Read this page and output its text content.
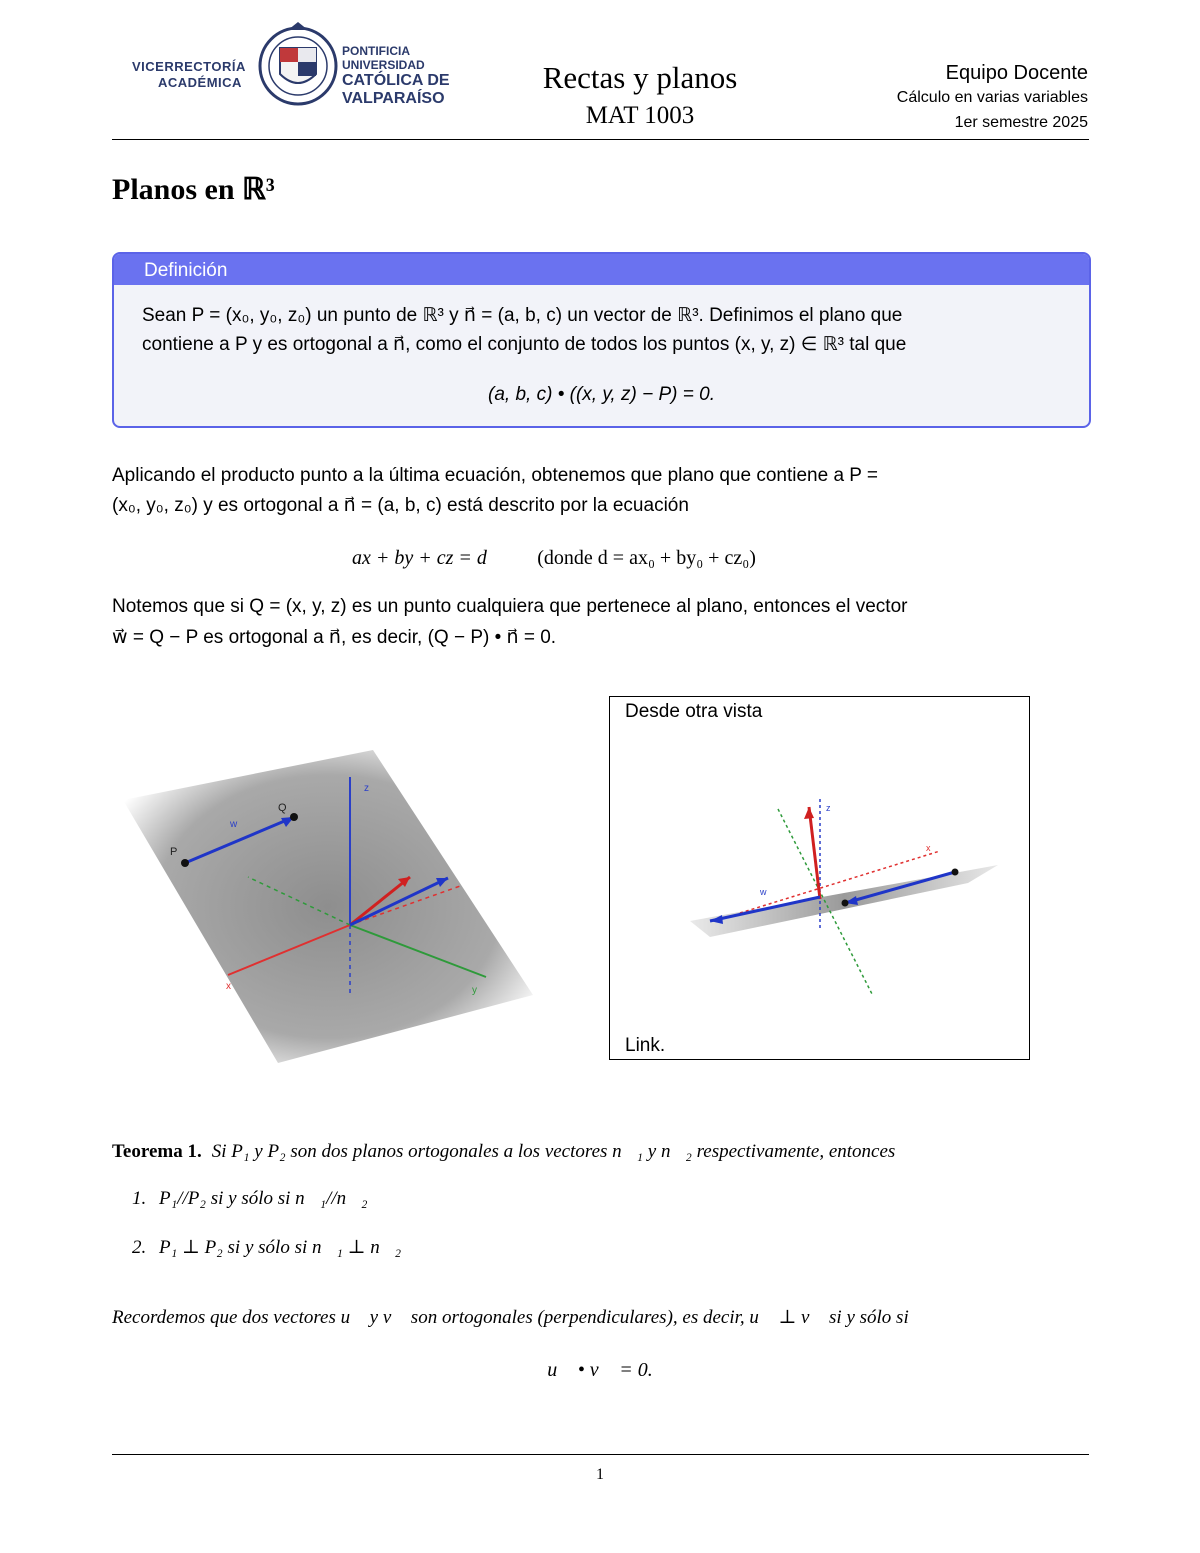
VICERRECTORÍA
ACADÉMICA
PONTIFICIA
UNIVERSIDAD
CATÓLICA DE
VALPARAÍSO
Rectas y planos
MAT 1003
Equipo Docente
Cálculo en varias variables
1er semestre 2025
Planos en ℝ³
Definición
Sean P = (x₀, y₀, z₀) un punto de ℝ³ y n⃗ = (a, b, c) un vector de ℝ³. Definimos el plano que
contiene a P y es ortogonal a n⃗, como el conjunto de todos los puntos (x, y, z) ∈ ℝ³ tal que
(a, b, c) • ((x, y, z) − P) = 0.
Aplicando el producto punto a la última ecuación, obtenemos que plano que contiene a P =
(x₀, y₀, z₀) y es ortogonal a n⃗ = (a, b, c) está descrito por la ecuación
ax + by + cz = d	(donde d = ax₀ + by₀ + cz₀)
Notemos que si Q = (x, y, z) es un punto cualquiera que pertenece al plano, entonces el vector
w⃗ = Q − P es ortogonal a n⃗, es decir, (Q − P) • n⃗ = 0.
P
Q
w
x	y
z
Desde otra vista
w
x
z
Link.
Teorema 1. Si P₁ y P₂ son dos planos ortogonales a los vectores n⃗₁ y n⃗₂ respectivamente, entonces
1. P₁//P₂ si y sólo si n⃗₁//n⃗₂
2. P₁ ⊥ P₂ si y sólo si n⃗₁ ⊥ n⃗₂
Recordemos que dos vectores u⃗ y v⃗ son ortogonales (perpendiculares), es decir, u⃗ ⊥ v⃗ si y sólo si
u⃗ • v⃗ = 0.
1
